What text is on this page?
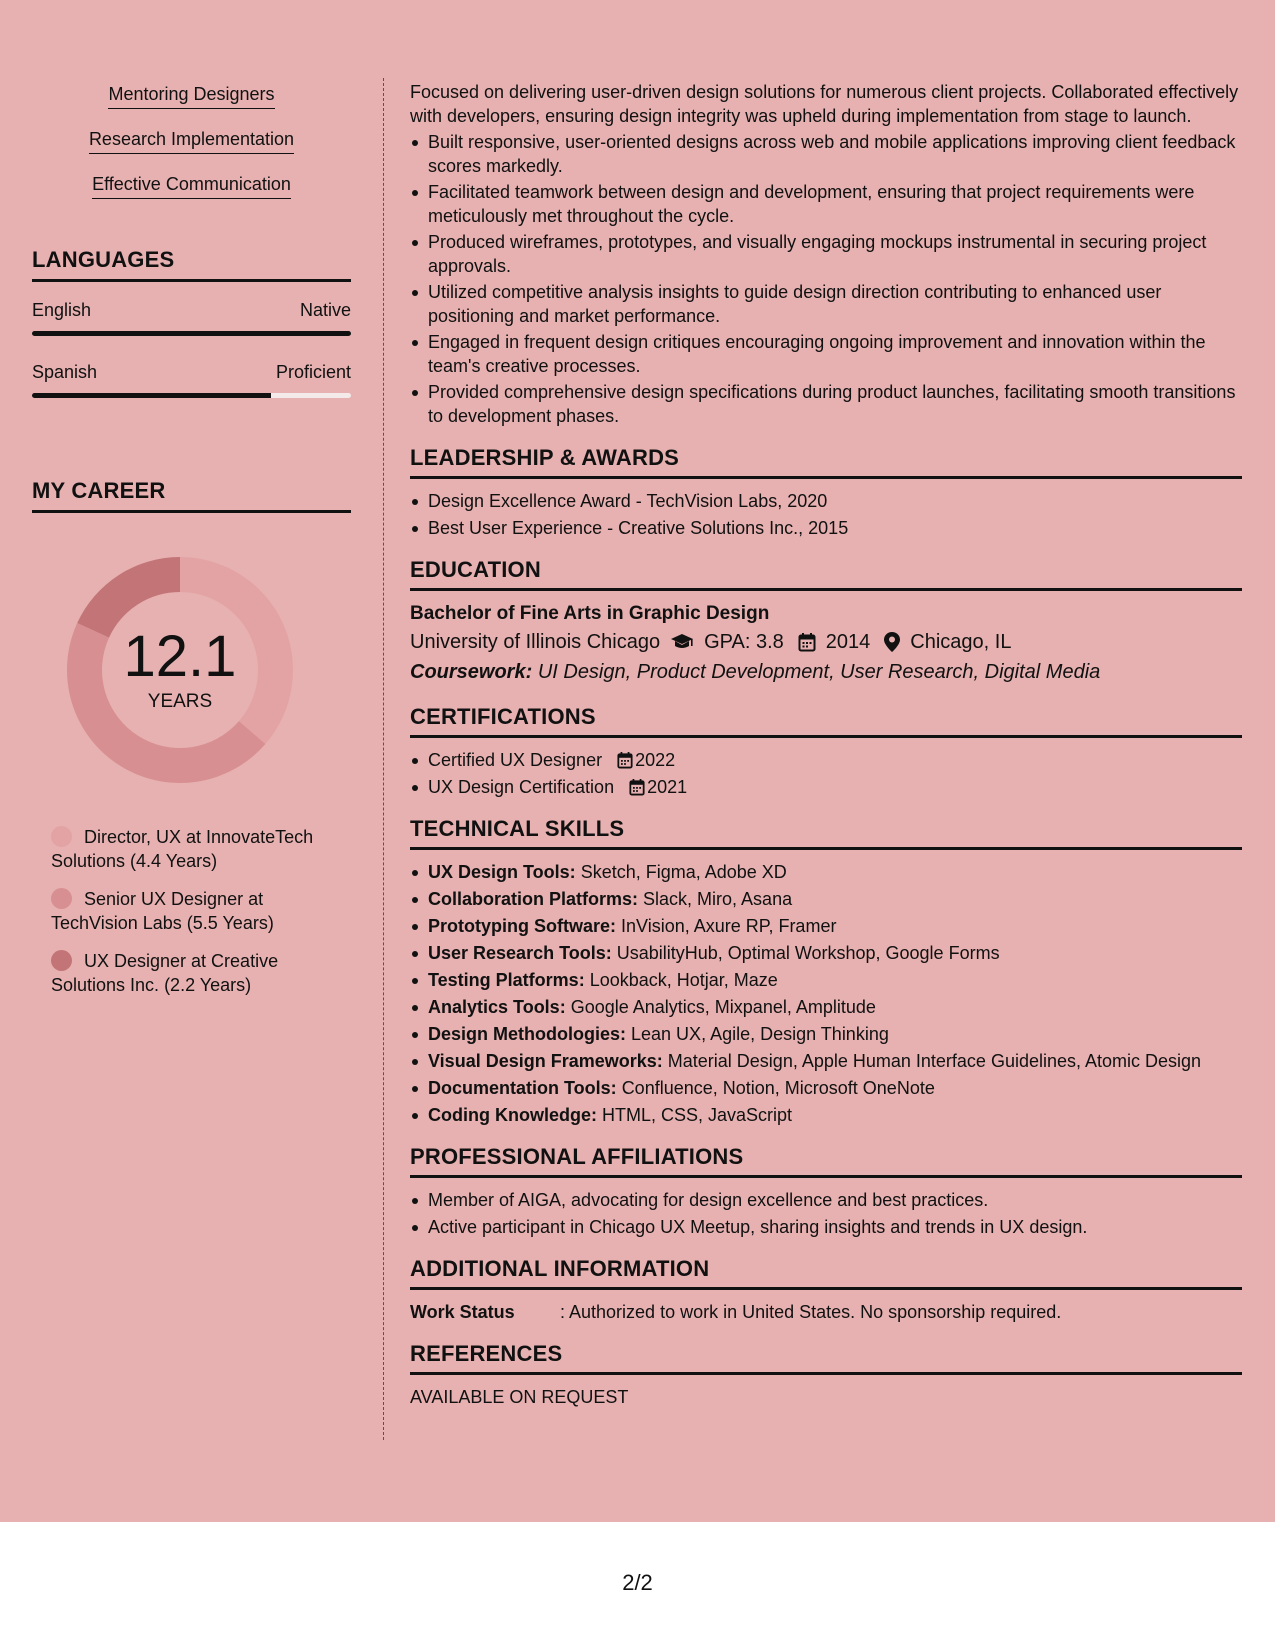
Mentoring Designers
Research Implementation
Effective Communication
LANGUAGES
English	Native
Spanish	Proficient
MY CAREER
12.1
YEARS
Director, UX at InnovateTech Solutions (4.4 Years)
Senior UX Designer at TechVision Labs (5.5 Years)
UX Designer at Creative Solutions Inc. (2.2 Years)

Focused on delivering user-driven design solutions for numerous client projects. Collaborated effectively with developers, ensuring design integrity was upheld during implementation from stage to launch.

Built responsive, user-oriented designs across web and mobile applications improving client feedback scores markedly.
Facilitated teamwork between design and development, ensuring that project requirements were meticulously met throughout the cycle.
Produced wireframes, prototypes, and visually engaging mockups instrumental in securing project approvals.
Utilized competitive analysis insights to guide design direction contributing to enhanced user positioning and market performance.
Engaged in frequent design critiques encouraging ongoing improvement and innovation within the team's creative processes.
Provided comprehensive design specifications during product launches, facilitating smooth transitions to development phases.
LEADERSHIP & AWARDS
Design Excellence Award - TechVision Labs, 2020
Best User Experience - Creative Solutions Inc., 2015
EDUCATION
Bachelor of Fine Arts in Graphic Design
University of Illinois Chicago GPA: 3.8 2014 Chicago, IL
Coursework: UI Design, Product Development, User Research, Digital Media
CERTIFICATIONS
Certified UX Designer 2022
UX Design Certification 2021
TECHNICAL SKILLS
UX Design Tools: Sketch, Figma, Adobe XD
Collaboration Platforms: Slack, Miro, Asana
Prototyping Software: InVision, Axure RP, Framer
User Research Tools: UsabilityHub, Optimal Workshop, Google Forms
Testing Platforms: Lookback, Hotjar, Maze
Analytics Tools: Google Analytics, Mixpanel, Amplitude
Design Methodologies: Lean UX, Agile, Design Thinking
Visual Design Frameworks: Material Design, Apple Human Interface Guidelines, Atomic Design
Documentation Tools: Confluence, Notion, Microsoft OneNote
Coding Knowledge: HTML, CSS, JavaScript
PROFESSIONAL AFFILIATIONS
Member of AIGA, advocating for design excellence and best practices.
Active participant in Chicago UX Meetup, sharing insights and trends in UX design.
ADDITIONAL INFORMATION
Work Status	: Authorized to work in United States. No sponsorship required.
REFERENCES
AVAILABLE ON REQUEST
2/2
